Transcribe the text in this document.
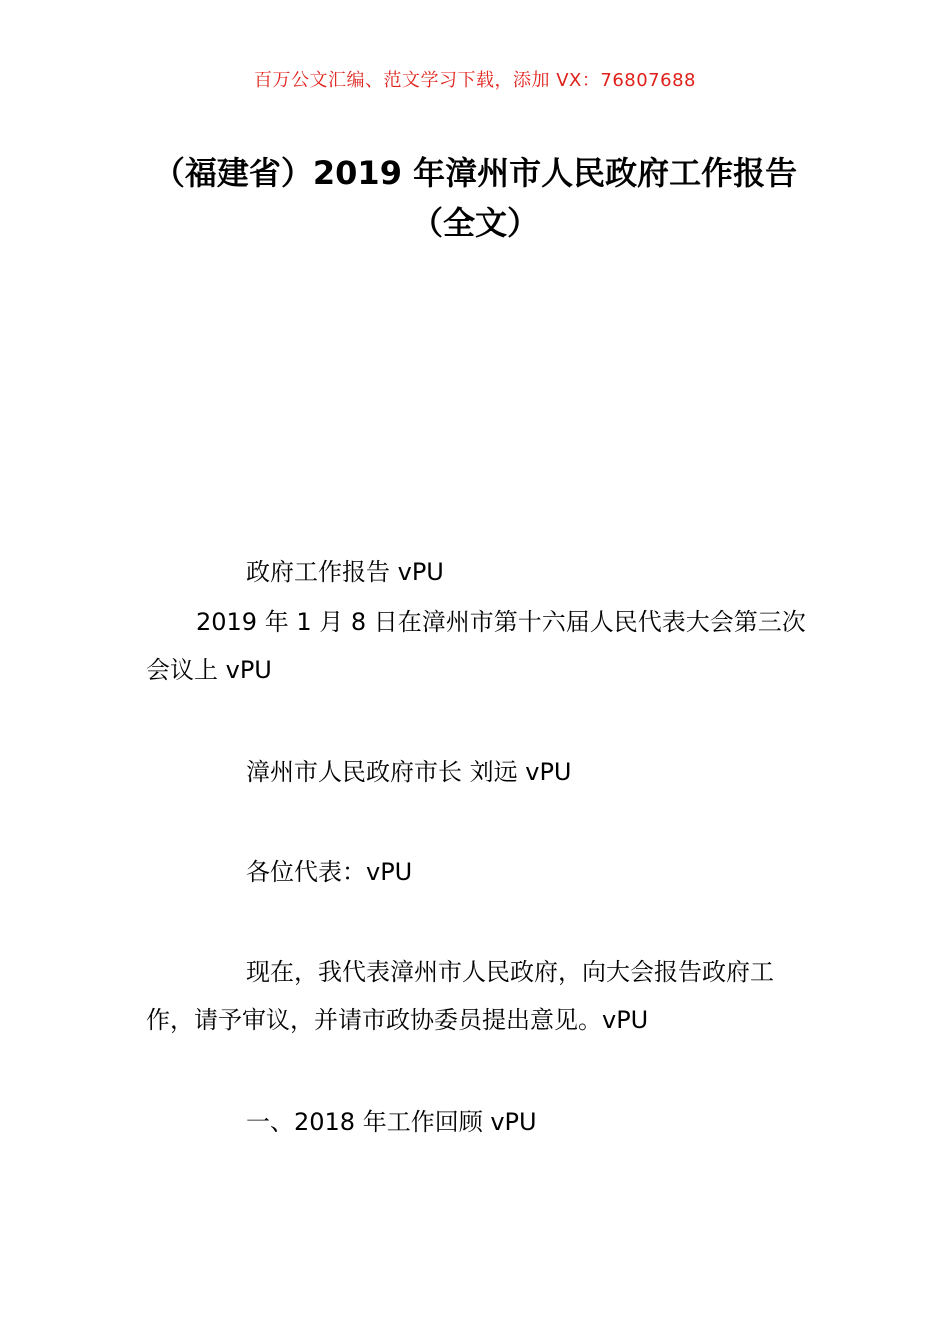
百万公文汇编、范文学习下载，添加 VX：76807688
（福建省）2019 年漳州市人民政府工作报告（全文）

政府工作报告 vPU

2019 年 1 月 8 日在漳州市第十六届人民代表大会第三次会议上 vPU

漳州市人民政府市长 刘远 vPU

各位代表：vPU

现在，我代表漳州市人民政府，向大会报告政府工作，请予审议，并请市政协委员提出意见。vPU

一、2018 年工作回顾 vPU
